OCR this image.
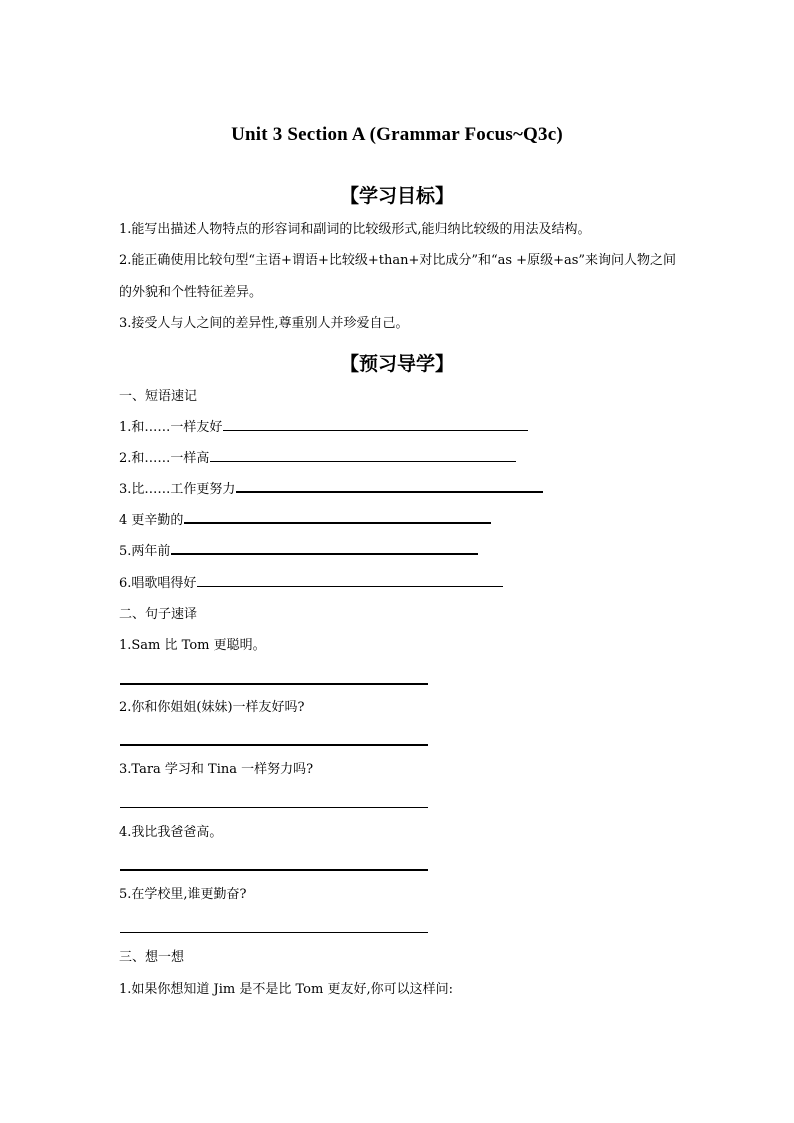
Unit 3 Section A (Grammar Focus~Q3c)
【学习目标】
1.能写出描述人物特点的形容词和副词的比较级形式,能归纳比较级的用法及结构。
2.能正确使用比较句型“主语+谓语+比较级+than+对比成分”和“as +原级+as”来询问人物之间
的外貌和个性特征差异。
3.接受人与人之间的差异性,尊重别人并珍爱自己。
【预习导学】
一、短语速记
1.和……一样友好
2.和……一样高
3.比……工作更努力
4 更辛勤的
5.两年前
6.唱歌唱得好
二、句子速译
1.Sam 比 Tom 更聪明。
2.你和你姐姐(妹妹)一样友好吗?
3.Tara 学习和 Tina 一样努力吗?
4.我比我爸爸高。
5.在学校里,谁更勤奋?
三、想一想
1.如果你想知道 Jim 是不是比 Tom 更友好,你可以这样问:
